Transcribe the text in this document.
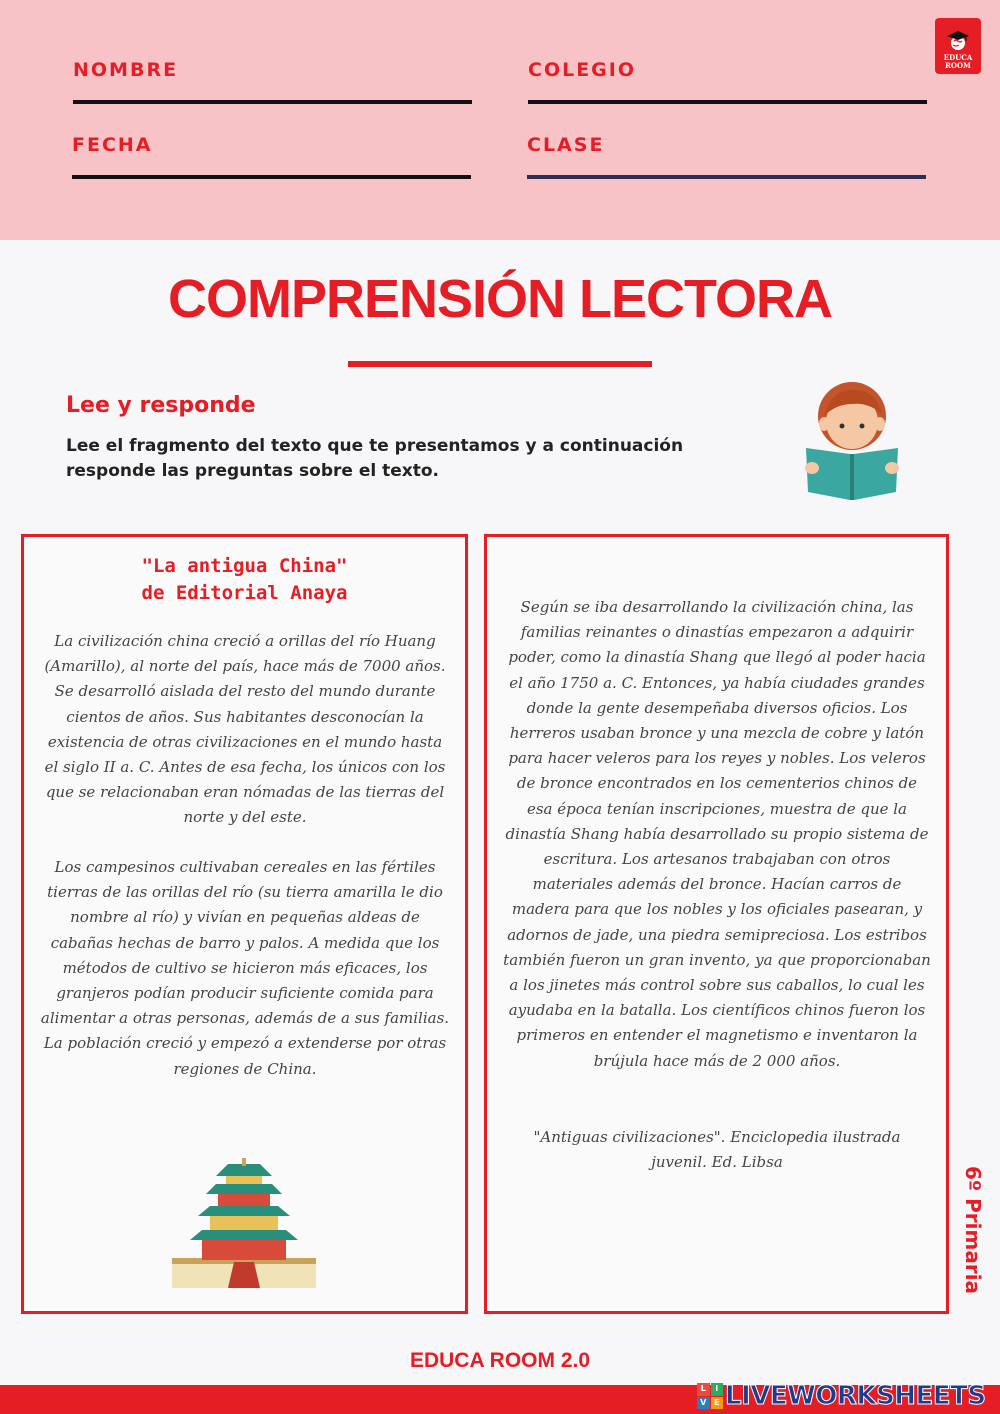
NOMBRE	COLEGIO
FECHA	CLASE
EDUCA
ROOM
COMPRENSIÓN LECTORA
Lee y responde
Lee el fragmento del texto que te presentamos y a continuación responde las preguntas sobre el texto.
"La antigua China"
de Editorial Anaya
La civilización china creció a orillas del río Huang (Amarillo), al norte del país, hace más de 7000 años. Se desarrolló aislada del resto del mundo durante cientos de años. Sus habitantes desconocían la existencia de otras civilizaciones en el mundo hasta el siglo II a. C. Antes de esa fecha, los únicos con los que se relacionaban eran nómadas de las tierras del norte y del este.
Los campesinos cultivaban cereales en las fértiles tierras de las orillas del río (su tierra amarilla le dio nombre al río) y vivían en pequeñas aldeas de cabañas hechas de barro y palos. A medida que los métodos de cultivo se hicieron más eficaces, los granjeros podían producir suficiente comida para alimentar a otras personas, además de a sus familias. La población creció y empezó a extenderse por otras regiones de China.
Según se iba desarrollando la civilización china, las familias reinantes o dinastías empezaron a adquirir poder, como la dinastía Shang que llegó al poder hacia el año 1750 a. C. Entonces, ya había ciudades grandes donde la gente desempeñaba diversos oficios. Los herreros usaban bronce y una mezcla de cobre y latón para hacer veleros para los reyes y nobles. Los veleros de bronce encontrados en los cementerios chinos de esa época tenían inscripciones, muestra de que la dinastía Shang había desarrollado su propio sistema de escritura. Los artesanos trabajaban con otros materiales además del bronce. Hacían carros de madera para que los nobles y los oficiales pasearan, y adornos de jade, una piedra semipreciosa. Los estribos también fueron un gran invento, ya que proporcionaban a los jinetes más control sobre sus caballos, lo cual les ayudaba en la batalla. Los científicos chinos fueron los primeros en entender el magnetismo e inventaron la brújula hace más de 2 000 años.
"Antiguas civilizaciones". Enciclopedia ilustrada juvenil. Ed. Libsa
6º Primaria
EDUCA ROOM 2.0
L	I
V E LIVEWORKSHEETS
